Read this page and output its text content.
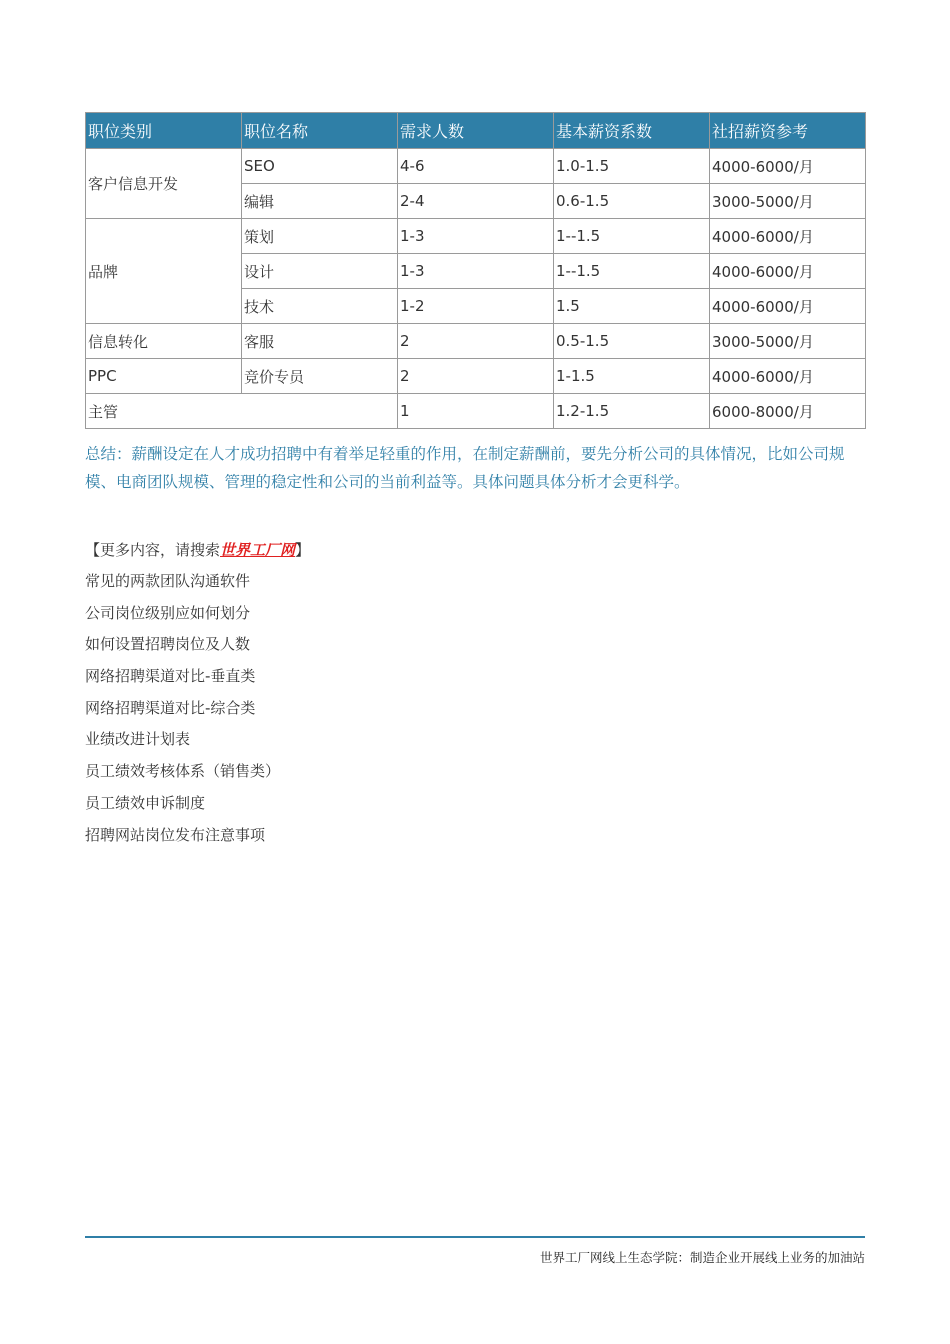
职位类别	职位名称	需求人数	基本薪资系数	社招薪资参考
客户信息开发	SEO	4-6	1.0-1.5	4000-6000/月
	编辑	2-4	0.6-1.5	3000-5000/月
品牌	策划	1-3	1--1.5	4000-6000/月
	设计	1-3	1--1.5	4000-6000/月
	技术	1-2	1.5	4000-6000/月
信息转化	客服	2	0.5-1.5	3000-5000/月
PPC	竞价专员	2	1-1.5	4000-6000/月
主管		1	1.2-1.5	6000-8000/月
总结：薪酬设定在人才成功招聘中有着举足轻重的作用，在制定薪酬前，要先分析公司的具体情况，比如公司规模、电商团队规模、管理的稳定性和公司的当前利益等。具体问题具体分析才会更科学。
【更多内容，请搜索世界工厂网】
常见的两款团队沟通软件
公司岗位级别应如何划分
如何设置招聘岗位及人数
网络招聘渠道对比-垂直类
网络招聘渠道对比-综合类
业绩改进计划表
员工绩效考核体系（销售类）
员工绩效申诉制度
招聘网站岗位发布注意事项
世界工厂网线上生态学院：制造企业开展线上业务的加油站
